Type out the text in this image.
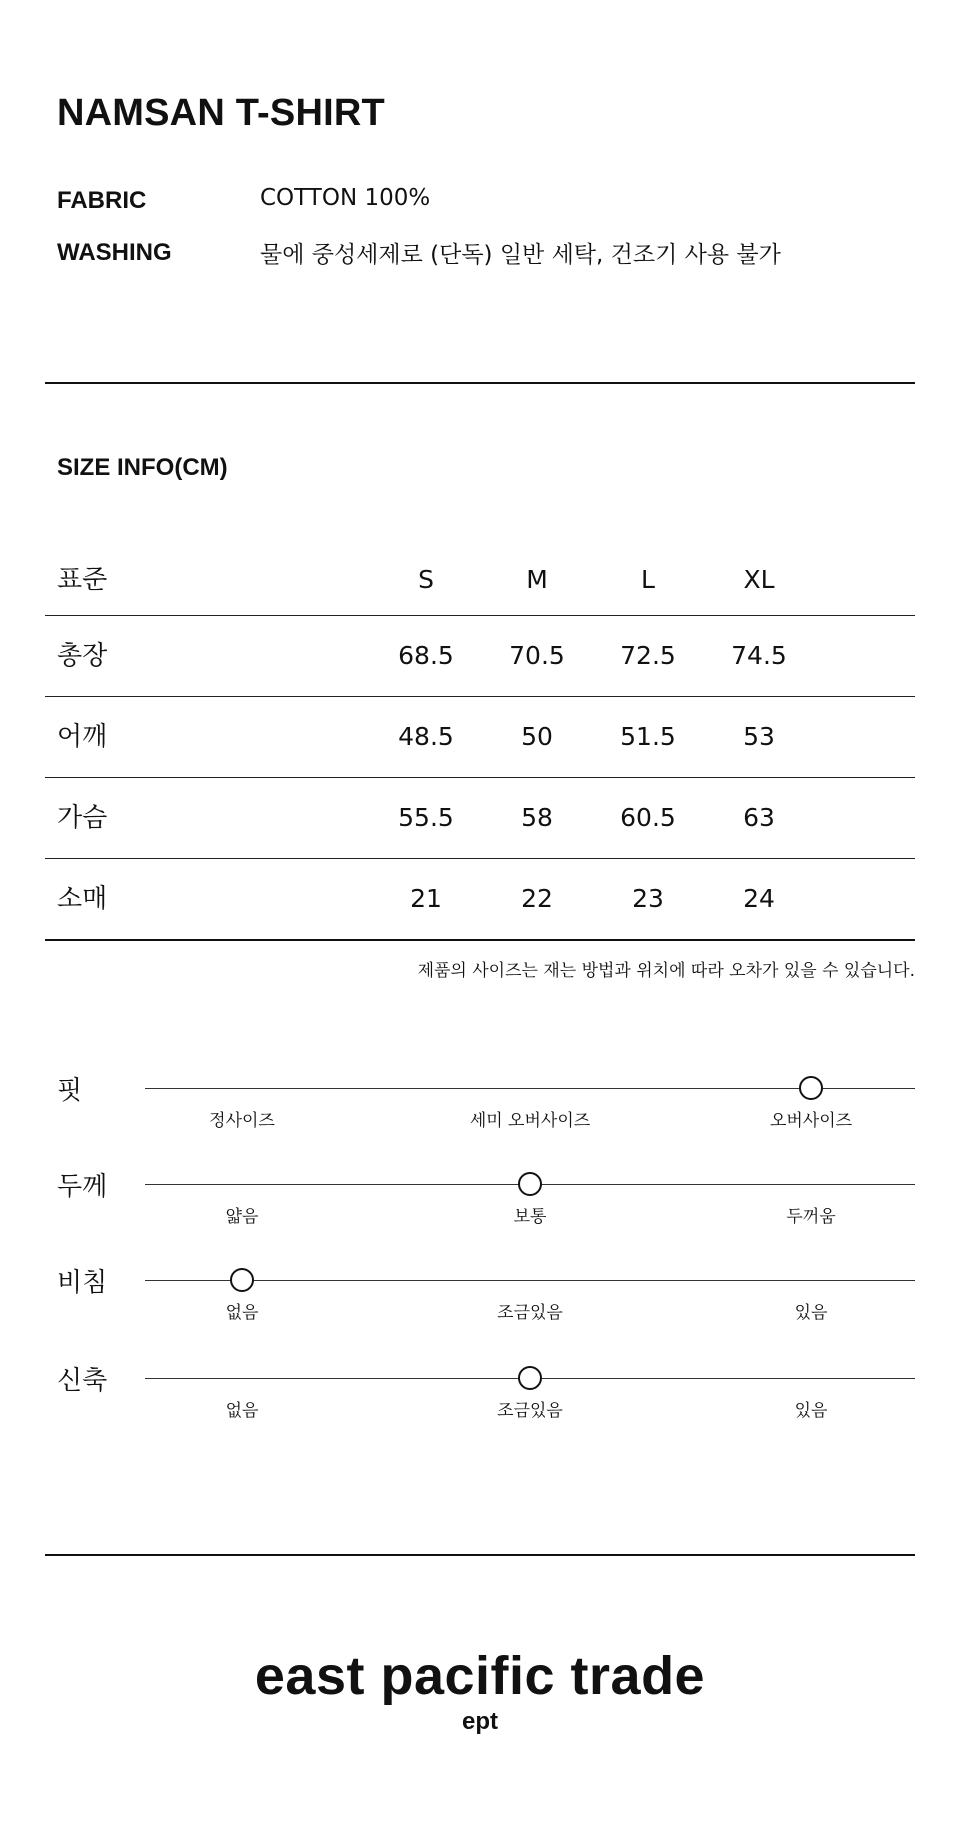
NAMSAN T-SHIRT
FABRIC	COTTON 100%
WASHING	물에 중성세제로 (단독) 일반 세탁, 건조기 사용 불가
SIZE INFO(CM)
표준	S	M	L	XL
총장	68.5	70.5	72.5	74.5
어깨	48.5	50	51.5	53
가슴	55.5	58	60.5	63
소매	21	22	23	24
제품의 사이즈는 재는 방법과 위치에 따라 오차가 있을 수 있습니다.
핏
정사이즈	세미 오버사이즈	오버사이즈
두께
얇음	보통	두꺼움
비침
없음	조금있음	있음
신축
없음	조금있음	있음
east pacific trade
ept
